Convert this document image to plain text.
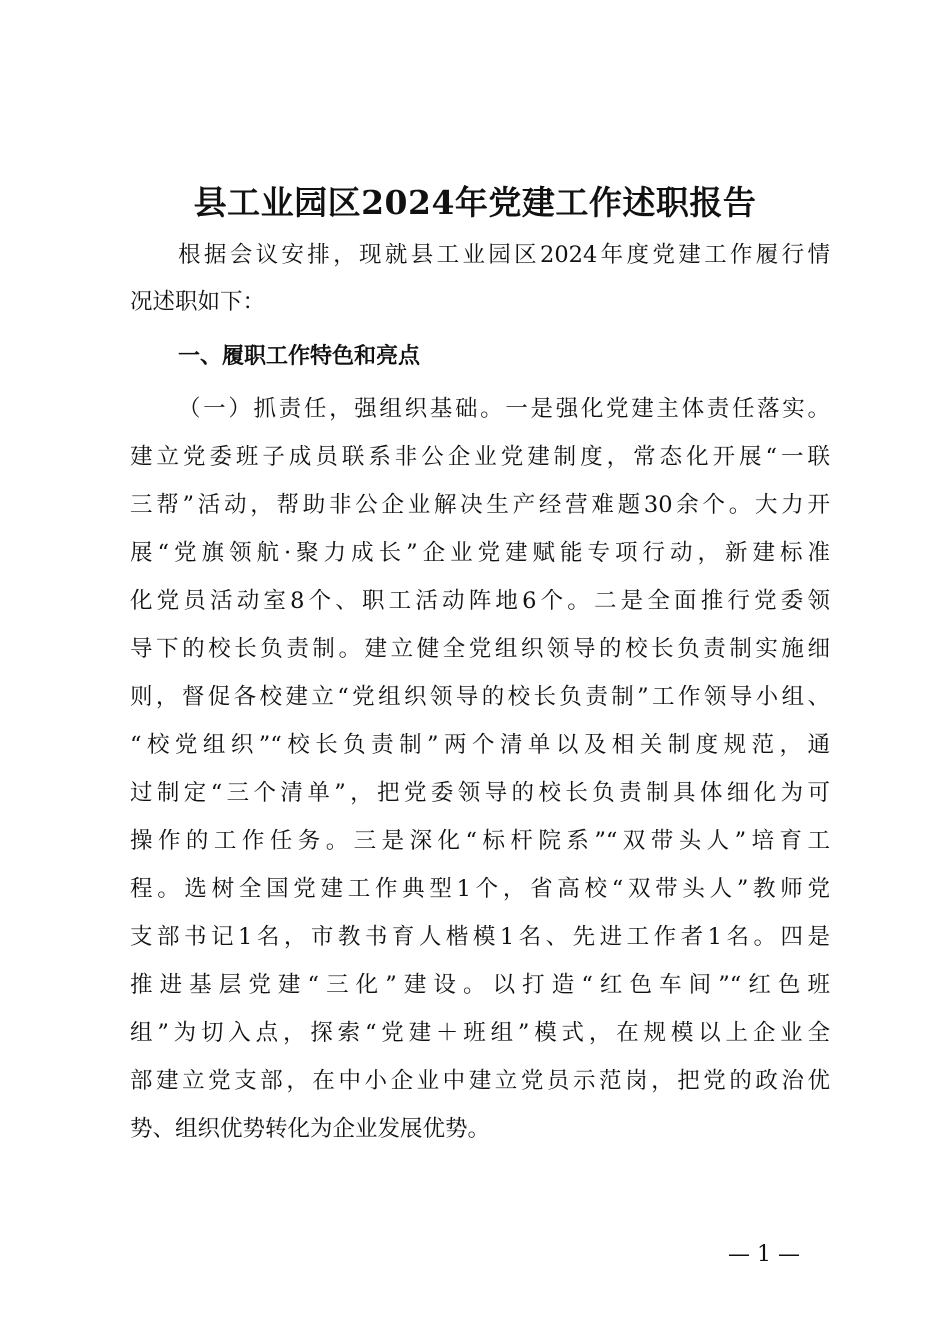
县工业园区2024年党建工作述职报告

根据会议安排，现就县工业园区2024年度党建工作履行情

况述职如下：

一、履职工作特色和亮点

（一）抓责任，强组织基础。一是强化党建主体责任落实。

建立党委班子成员联系非公企业党建制度，常态化开展“一联

三帮”活动，帮助非公企业解决生产经营难题30余个。大力开

展“党旗领航·聚力成长”企业党建赋能专项行动，新建标准

化党员活动室8个、职工活动阵地6个。二是全面推行党委领

导下的校长负责制。建立健全党组织领导的校长负责制实施细

则，督促各校建立“党组织领导的校长负责制”工作领导小组、

“校党组织”“校长负责制”两个清单以及相关制度规范，通

过制定“三个清单”，把党委领导的校长负责制具体细化为可

操作的工作任务。三是深化“标杆院系”“双带头人”培育工

程。选树全国党建工作典型1个，省高校“双带头人”教师党

支部书记1名，市教书育人楷模1名、先进工作者1名。四是

推进基层党建“三化”建设。以打造“红色车间”“红色班

组”为切入点，探索“党建＋班组”模式，在规模以上企业全

部建立党支部，在中小企业中建立党员示范岗，把党的政治优

势、组织优势转化为企业发展优势。

— 1 —
